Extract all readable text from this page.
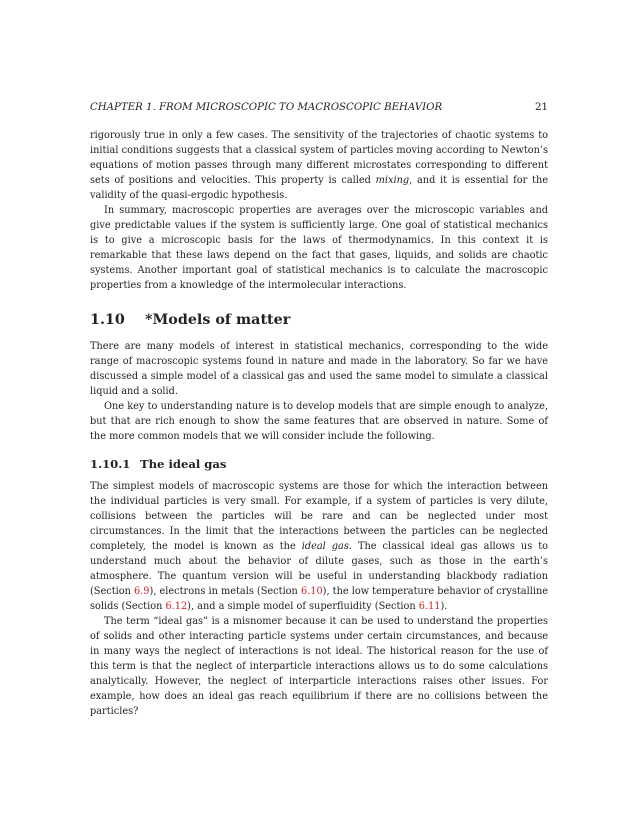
CHAPTER 1. FROM MICROSCOPIC TO MACROSCOPIC BEHAVIOR	21

rigorously true in only a few cases. The sensitivity of the trajectories of chaotic systems to initial conditions suggests that a classical system of particles moving according to Newton’s equations of motion passes through many different microstates corresponding to different sets of positions and velocities. This property is called mixing, and it is essential for the validity of the quasi-ergodic hypothesis.

In summary, macroscopic properties are averages over the microscopic variables and give predictable values if the system is sufficiently large. One goal of statistical mechanics is to give a microscopic basis for the laws of thermodynamics. In this context it is remarkable that these laws depend on the fact that gases, liquids, and solids are chaotic systems. Another important goal of statistical mechanics is to calculate the macroscopic properties from a knowledge of the intermolecular interactions.

1.10 *Models of matter

There are many models of interest in statistical mechanics, corresponding to the wide range of macroscopic systems found in nature and made in the laboratory. So far we have discussed a simple model of a classical gas and used the same model to simulate a classical liquid and a solid.

One key to understanding nature is to develop models that are simple enough to analyze, but that are rich enough to show the same features that are observed in nature. Some of the more common models that we will consider include the following.

1.10.1 The ideal gas

The simplest models of macroscopic systems are those for which the interaction between the individual particles is very small. For example, if a system of particles is very dilute, collisions between the particles will be rare and can be neglected under most circumstances. In the limit that the interactions between the particles can be neglected completely, the model is known as the ideal gas. The classical ideal gas allows us to understand much about the behavior of dilute gases, such as those in the earth’s atmosphere. The quantum version will be useful in understanding blackbody radiation (Section 6.9), electrons in metals (Section 6.10), the low temperature behavior of crystalline solids (Section 6.12), and a simple model of superfluidity (Section 6.11).

The term “ideal gas” is a misnomer because it can be used to understand the properties of solids and other interacting particle systems under certain circumstances, and because in many ways the neglect of interactions is not ideal. The historical reason for the use of this term is that the neglect of interparticle interactions allows us to do some calculations analytically. However, the neglect of interparticle interactions raises other issues. For example, how does an ideal gas reach equilibrium if there are no collisions between the particles?
